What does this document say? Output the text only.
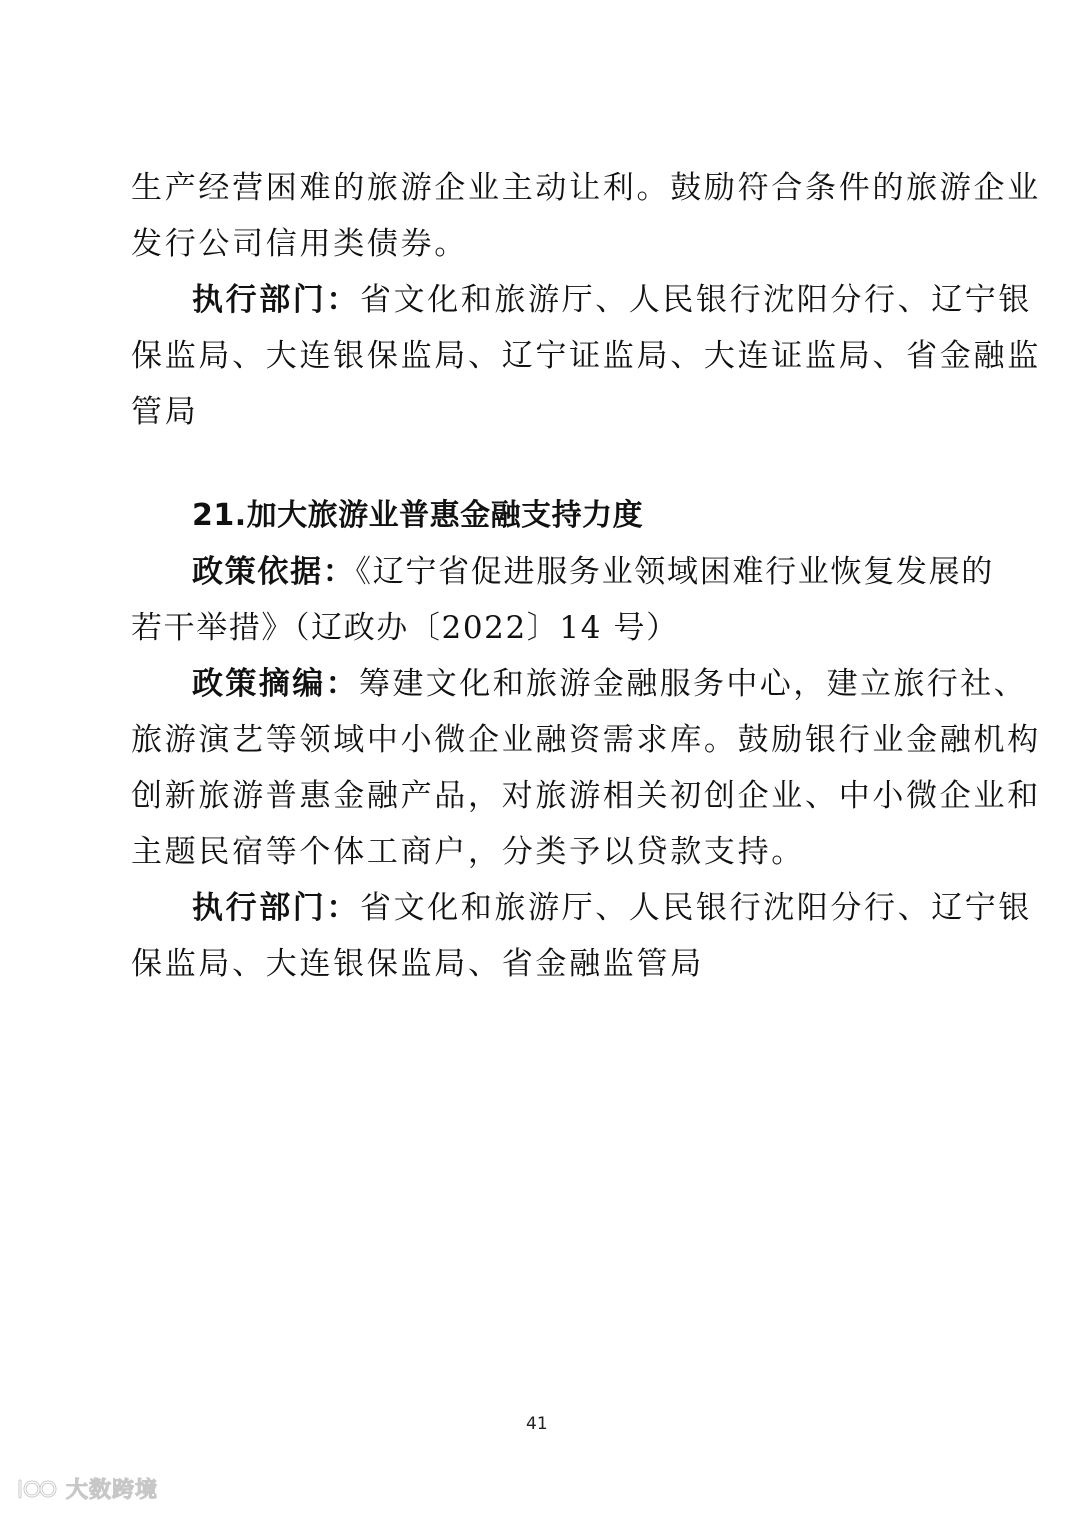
生产经营困难的旅游企业主动让利。鼓励符合条件的旅游企业
发行公司信用类债券。
执行部门：省文化和旅游厅、人民银行沈阳分行、辽宁银
保监局、大连银保监局、辽宁证监局、大连证监局、省金融监
管局
21.加大旅游业普惠金融支持力度
政策依据：《辽宁省促进服务业领域困难行业恢复发展的
若干举措》（辽政办〔2022〕14 号）
政策摘编：筹建文化和旅游金融服务中心，建立旅行社、
旅游演艺等领域中小微企业融资需求库。鼓励银行业金融机构
创新旅游普惠金融产品，对旅游相关初创企业、中小微企业和
主题民宿等个体工商户，分类予以贷款支持。
执行部门：省文化和旅游厅、人民银行沈阳分行、辽宁银
保监局、大连银保监局、省金融监管局
41
大数跨境
